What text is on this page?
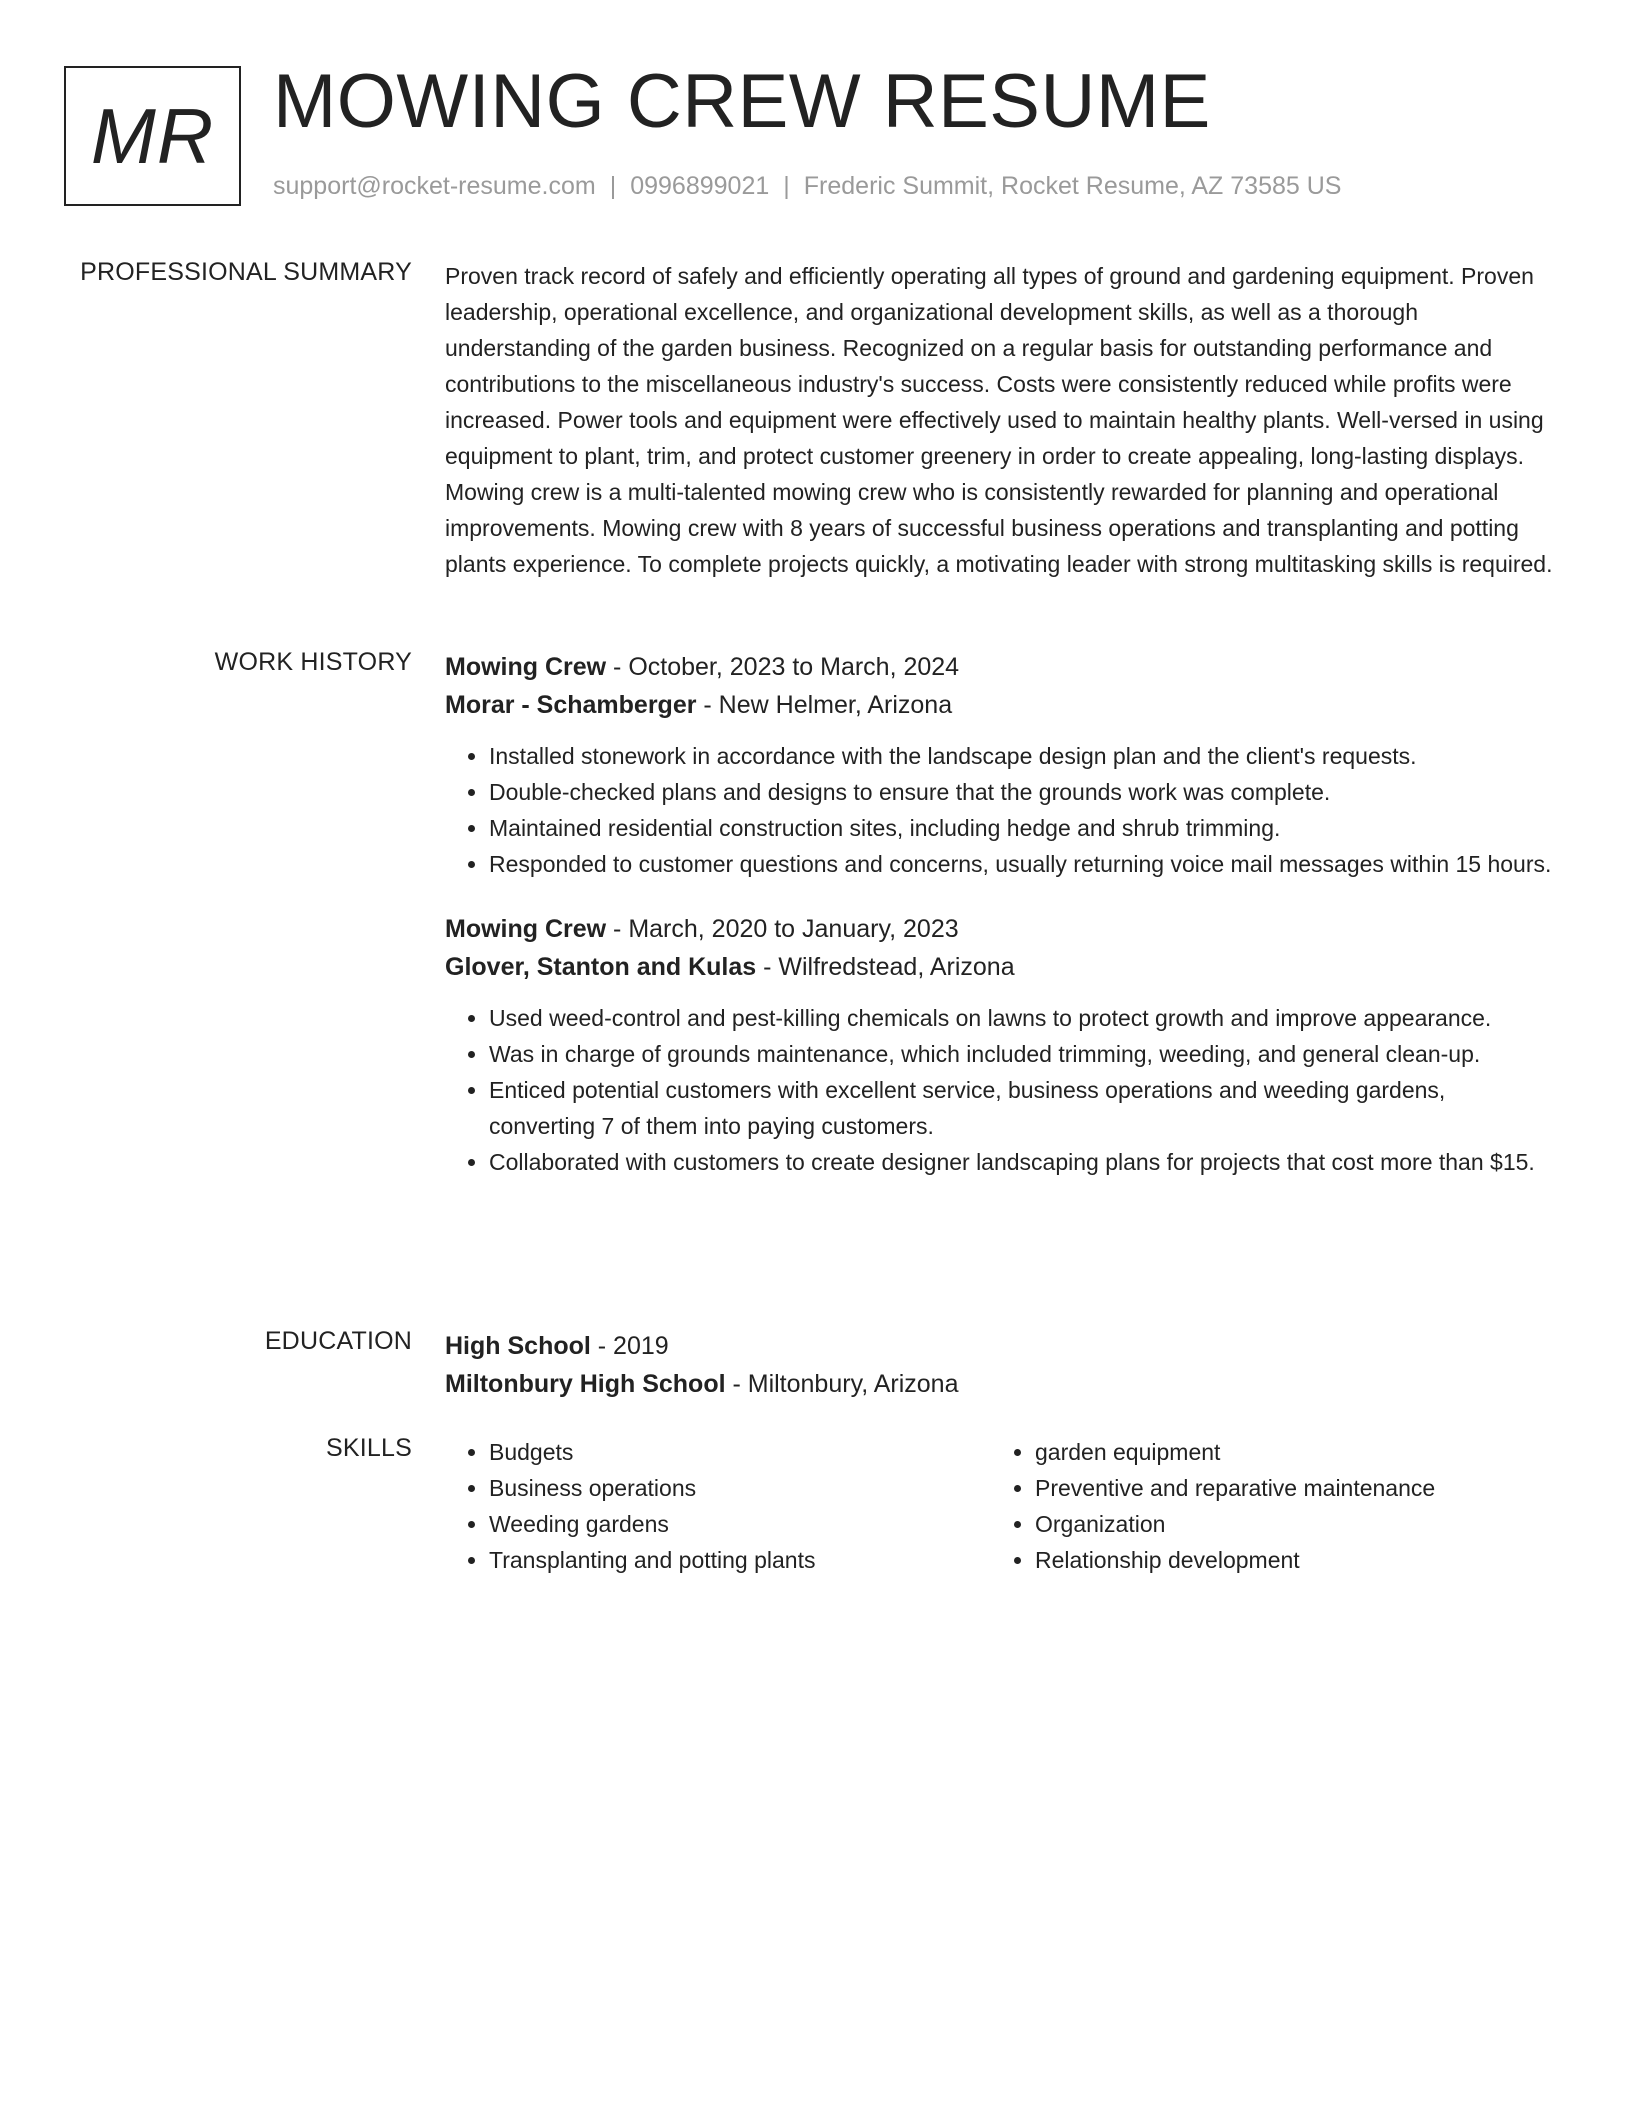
MR MOWING CREW RESUME
support@rocket-resume.com | 0996899021 | Frederic Summit, Rocket Resume, AZ 73585 US
PROFESSIONAL SUMMARY Proven track record of safely and efficiently operating all types of ground and gardening equipment. Proven leadership, operational excellence, and organizational development skills, as well as a thorough understanding of the garden business. Recognized on a regular basis for outstanding performance and contributions to the miscellaneous industry's success. Costs were consistently reduced while profits were increased. Power tools and equipment were effectively used to maintain healthy plants. Well-versed in using equipment to plant, trim, and protect customer greenery in order to create appealing, long-lasting displays. Mowing crew is a multi-talented mowing crew who is consistently rewarded for planning and operational improvements. Mowing crew with 8 years of successful business operations and transplanting and potting plants experience. To complete projects quickly, a motivating leader with strong multitasking skills is required.

WORK HISTORY Mowing Crew - October, 2023 to March, 2024
Morar - Schamberger - New Helmer, Arizona
• Installed stonework in accordance with the landscape design plan and the client's requests.
• Double-checked plans and designs to ensure that the grounds work was complete.
• Maintained residential construction sites, including hedge and shrub trimming.
• Responded to customer questions and concerns, usually returning voice mail messages within 15 hours.
Mowing Crew - March, 2020 to January, 2023
Glover, Stanton and Kulas - Wilfredstead, Arizona
• Used weed-control and pest-killing chemicals on lawns to protect growth and improve appearance.
• Was in charge of grounds maintenance, which included trimming, weeding, and general clean-up.
• Enticed potential customers with excellent service, business operations and weeding gardens, converting 7 of them into paying customers.
• Collaborated with customers to create designer landscaping plans for projects that cost more than $15.
EDUCATION High School - 2019
Miltonbury High School - Miltonbury, Arizona
SKILLS
•	Budgets
• Business operations
• Weeding gardens
• Transplanting and potting plants
• garden equipment
• Preventive and reparative maintenance
• Organization
• Relationship development
